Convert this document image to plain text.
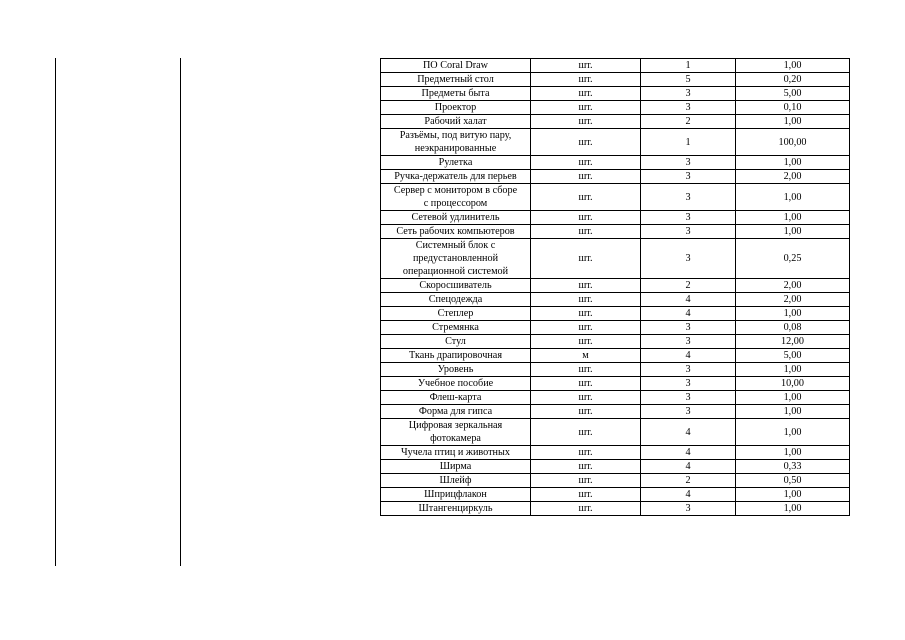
ПО Coral Draw	шт.	1	1,00
Предметный стол	шт.	5	0,20
Предметы быта	шт.	3	5,00
Проектор	шт.	3	0,10
Рабочий халат	шт.	2	1,00
Разъёмы, под витую пару,
неэкранированные	шт.	1	100,00
Рулетка	шт.	3	1,00
Ручка-держатель для перьев	шт.	3	2,00
Сервер с монитором в сборе
с процессором	шт.	3	1,00
Сетевой удлинитель	шт.	3	1,00
Сеть рабочих компьютеров	шт.	3	1,00
Системный блок с
предустановленной
операционной системой	шт.	3	0,25
Скоросшиватель	шт.	2	2,00
Спецодежда	шт.	4	2,00
Степлер	шт.	4	1,00
Стремянка	шт.	3	0,08
Стул	шт.	3	12,00
Ткань драпировочная	м	4	5,00
Уровень	шт.	3	1,00
Учебное пособие	шт.	3	10,00
Флеш-карта	шт.	3	1,00
Форма для гипса	шт.	3	1,00
Цифровая зеркальная
фотокамера	шт.	4	1,00
Чучела птиц и животных	шт.	4	1,00
Ширма	шт.	4	0,33
Шлейф	шт.	2	0,50
Шприцфлакон	шт.	4	1,00
Штангенциркуль	шт.	3	1,00
